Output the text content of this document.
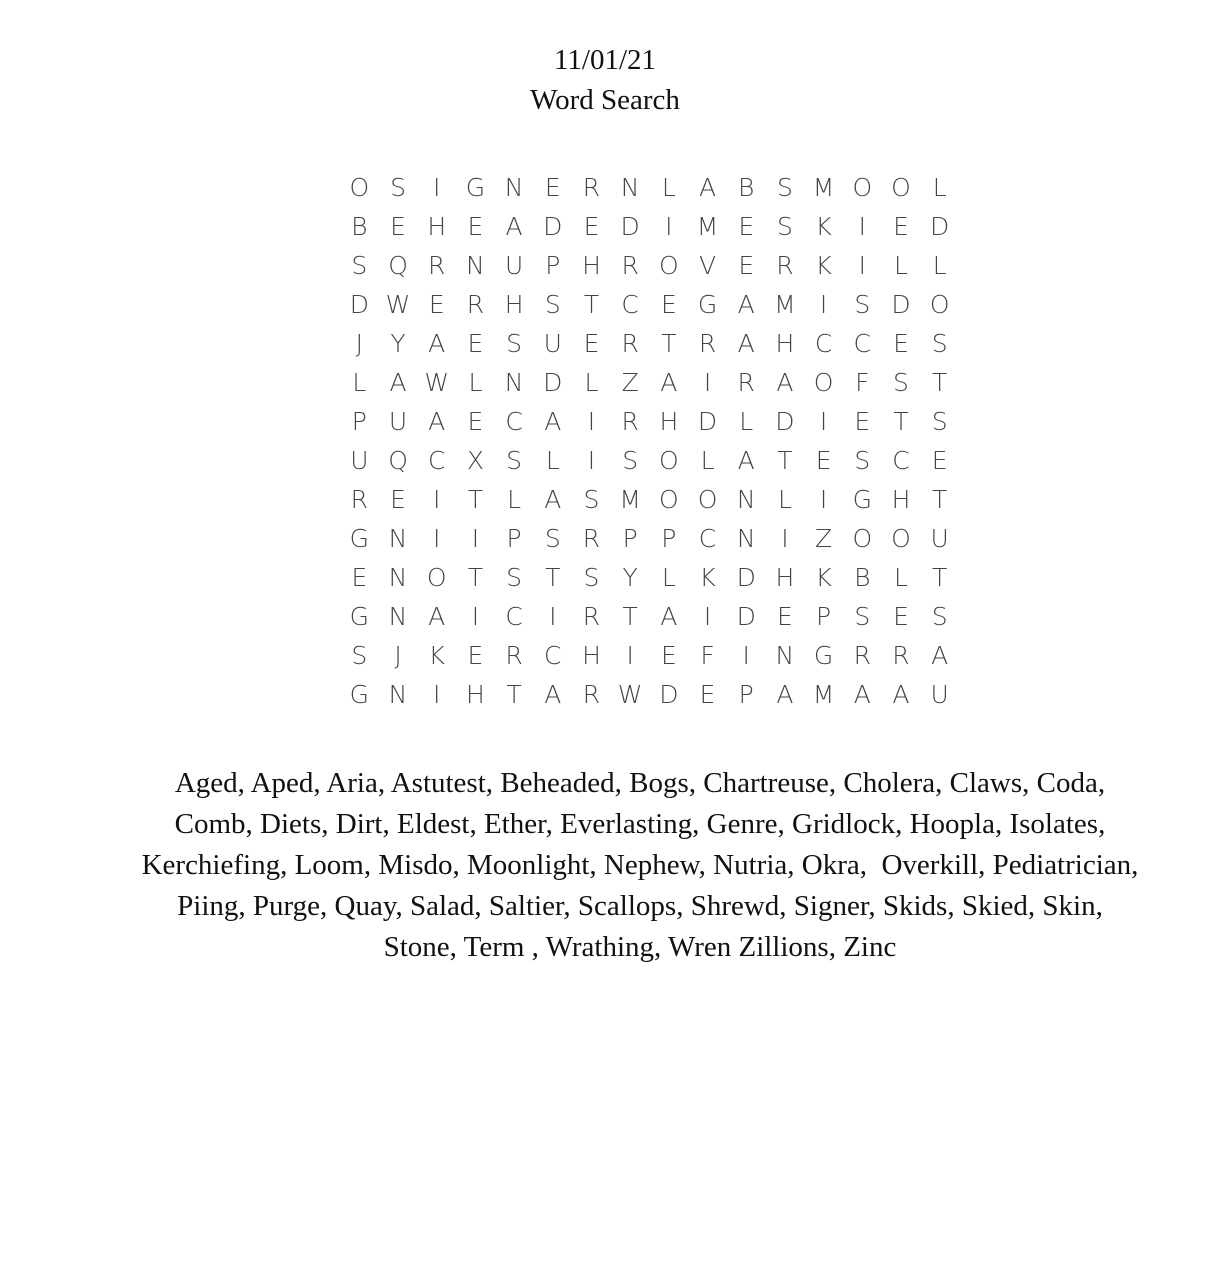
11/01/21
Word Search
O S	I	G N E R N L A B S M O O L
B E H E A D E D	I M E S K	I	E D
S Q R N U P H R O V E R K	I	L L
D W E R H S T C E G A M I	S D O
J	Y A E S U E R T R A H C C E S
L A W L N D L Z A	I	R A O F S T
P U A E C A	I	R H D L D	I	E T S
U Q C X S L	I	S O L A T E S C E
R E	I	T L A S M O O N L	I	G H T
G N	I	I	P S R P P C N	I	Z O O U
E N O T S T S Y L K D H K B L T
G N A	I	C	I	R T A	I	D E P S E S
S	J	K E R C H	I	E F	I	N G R R A
G N	I	H T A R W D E P A M A A U
Aged, Aped, Aria, Astutest, Beheaded, Bogs, Chartreuse, Cholera, Claws, Coda,
Comb, Diets, Dirt, Eldest, Ether, Everlasting, Genre, Gridlock, Hoopla, Isolates,
Kerchiefing, Loom, Misdo, Moonlight, Nephew, Nutria, Okra,  Overkill, Pediatrician,
Piing, Purge, Quay, Salad, Saltier, Scallops, Shrewd, Signer, Skids, Skied, Skin,
Stone, Term , Wrathing, Wren Zillions, Zinc
